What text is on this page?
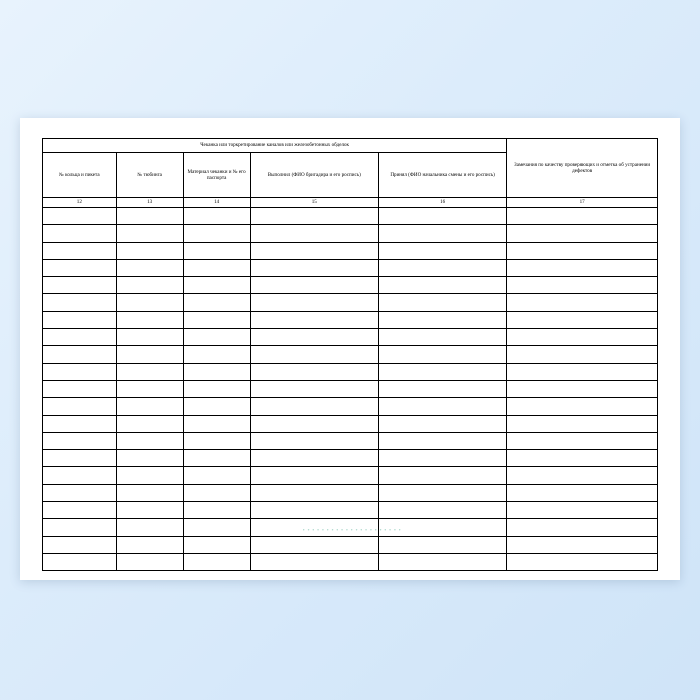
Чеканка или торкретирование каналов или железобетонных обделок					Замечания по качеству проверяющих и отметка об устранении дефектов
№ кольца и пикета	№ тюбинга	Материал чеканки и № его паспорта	Выполнил (ФИО бригадира и его роспись)	Принял (ФИО начальника смены и его роспись)	
12	13	14	15	16	17

• • • • • • • • • • • • • • • • • • • • •
